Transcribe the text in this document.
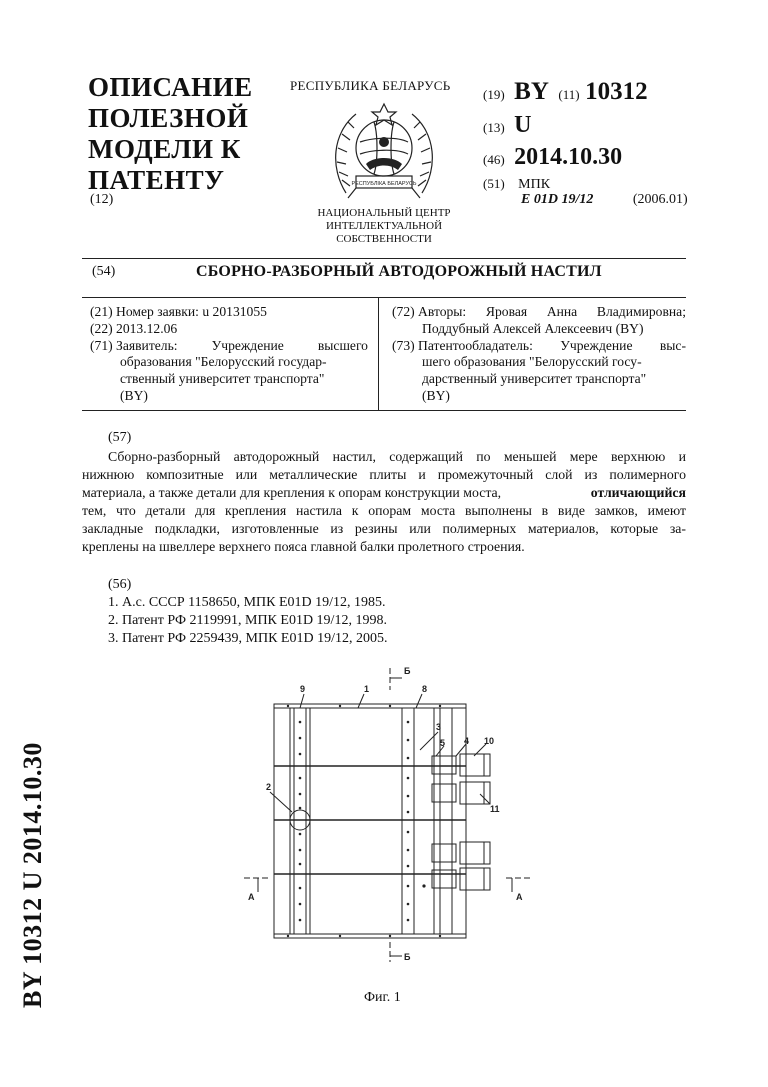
BY 10312 U 2014.10.30
ОПИСАНИЕ
ПОЛЕЗНОЙ
МОДЕЛИ К
ПАТЕНТУ
(12)
РЕСПУБЛИКА БЕЛАРУСЬ
РЕСПУБЛІКА БЕЛАРУСЬ
НАЦИОНАЛЬНЫЙ ЦЕНТР
ИНТЕЛЛЕКТУАЛЬНОЙ
СОБСТВЕННОСТИ
(19) BY (11) 10312
(13) U
(46) 2014.10.30
(51) МПК
E 01D 19/12	(2006.01)
(54)	СБОРНО-РАЗБОРНЫЙ АВТОДОРОЖНЫЙ НАСТИЛ
(21) Номер заявки: u 20131055
(22) 2013.12.06
(71) Заявитель:	Учреждение	высшего
образования "Белорусский государ-
ственный университет транспорта"
(BY)
(72) Авторы: Яровая Анна Владимировна;
Поддубный Алексей Алексеевич (BY)
(73) Патентообладатель: Учреждение выс-
шего образования "Белорусский госу-
дарственный университет транспорта"
(BY)
(57)
Сборно-разборный автодорожный настил, содержащий по меньшей мере верхнюю и
нижнюю композитные или металлические плиты и промежуточный слой из полимерного
материала, а также детали для крепления к опорам конструкции моста,	отличающийся
тем, что детали для крепления настила к опорам моста выполнены в виде замков, имеют
закладные подкладки, изготовленные из резины или полимерных материалов, которые за-
креплены на швеллере верхнего пояса главной балки пролетного строения.
(56)
1. А.с. СССР 1158650, МПК E01D 19/12, 1985.
2. Патент РФ 2119991, МПК E01D 19/12, 1998.
3. Патент РФ 2259439, МПК E01D 19/12, 2005.
9	1	8
3
5 4 10
11
2
Б
Б
А	А
Фиг. 1
